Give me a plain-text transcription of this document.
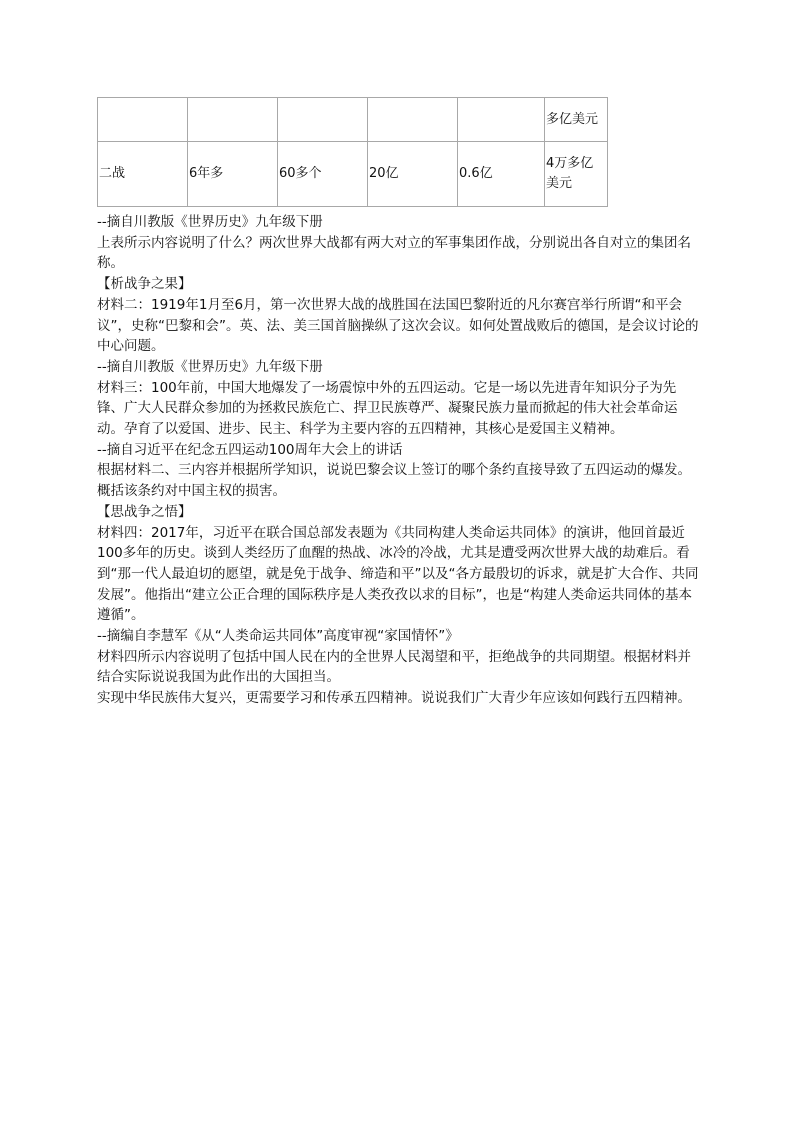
					多亿美元
二战	6年多	60多个	20亿	0.6亿	4万多亿美元

--摘自川教版《世界历史》九年级下册

上表所示内容说明了什么？两次世界大战都有两大对立的军事集团作战，分别说出各自对立的集团名称。

【析战争之果】

材料二：1919年1月至6月，第一次世界大战的战胜国在法国巴黎附近的凡尔赛宫举行所谓“和平会议”，史称“巴黎和会”。英、法、美三国首脑操纵了这次会议。如何处置战败后的德国，是会议讨论的中心问题。

--摘自川教版《世界历史》九年级下册

材料三：100年前，中国大地爆发了一场震惊中外的五四运动。它是一场以先进青年知识分子为先锋、广大人民群众参加的为拯救民族危亡、捍卫民族尊严、凝聚民族力量而掀起的伟大社会革命运动。孕育了以爱国、进步、民主、科学为主要内容的五四精神，其核心是爱国主义精神。

--摘自习近平在纪念五四运动100周年大会上的讲话

根据材料二、三内容并根据所学知识，说说巴黎会议上签订的哪个条约直接导致了五四运动的爆发。概括该条约对中国主权的损害。

【思战争之悟】

材料四：2017年，习近平在联合国总部发表题为《共同构建人类命运共同体》的演讲，他回首最近100多年的历史。谈到人类经历了血醒的热战、冰冷的冷战，尤其是遭受两次世界大战的劫难后。看到“那一代人最迫切的愿望，就是免于战争、缔造和平”以及“各方最殷切的诉求，就是扩大合作、共同发展”。他指出“建立公正合理的国际秩序是人类孜孜以求的目标”，也是“构建人类命运共同体的基本遵循”。

--摘编自李慧军《从“人类命运共同体”高度审视“家国情怀”》

材料四所示内容说明了包括中国人民在内的全世界人民渴望和平，拒绝战争的共同期望。根据材料并结合实际说说我国为此作出的大国担当。

实现中华民族伟大复兴，更需要学习和传承五四精神。说说我们广大青少年应该如何践行五四精神。
